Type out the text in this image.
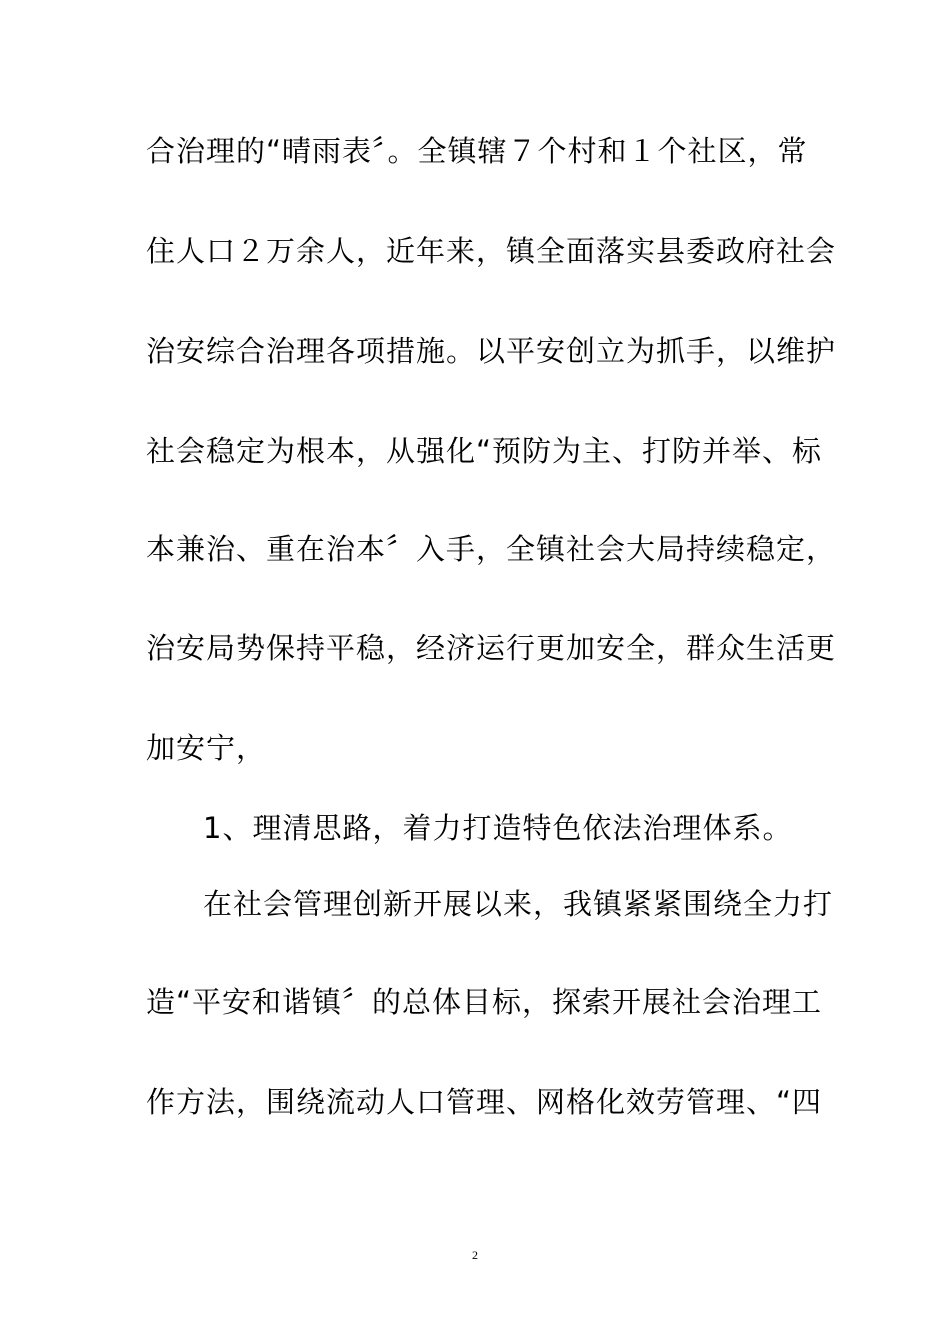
合治理的“晴雨表〞。全镇辖７个村和１个社区，常
住人口２万余人，近年来，镇全面落实县委政府社会
治安综合治理各项措施。以平安创立为抓手，以维护
社会稳定为根本，从强化“预防为主、打防并举、标
本兼治、重在治本〞入手，全镇社会大局持续稳定，
治安局势保持平稳，经济运行更加安全，群众生活更
加安宁，
1、理清思路，着力打造特色依法治理体系。
在社会管理创新开展以来，我镇紧紧围绕全力打
造“平安和谐镇〞的总体目标，探索开展社会治理工
作方法，围绕流动人口管理、网格化效劳管理、“四
2
